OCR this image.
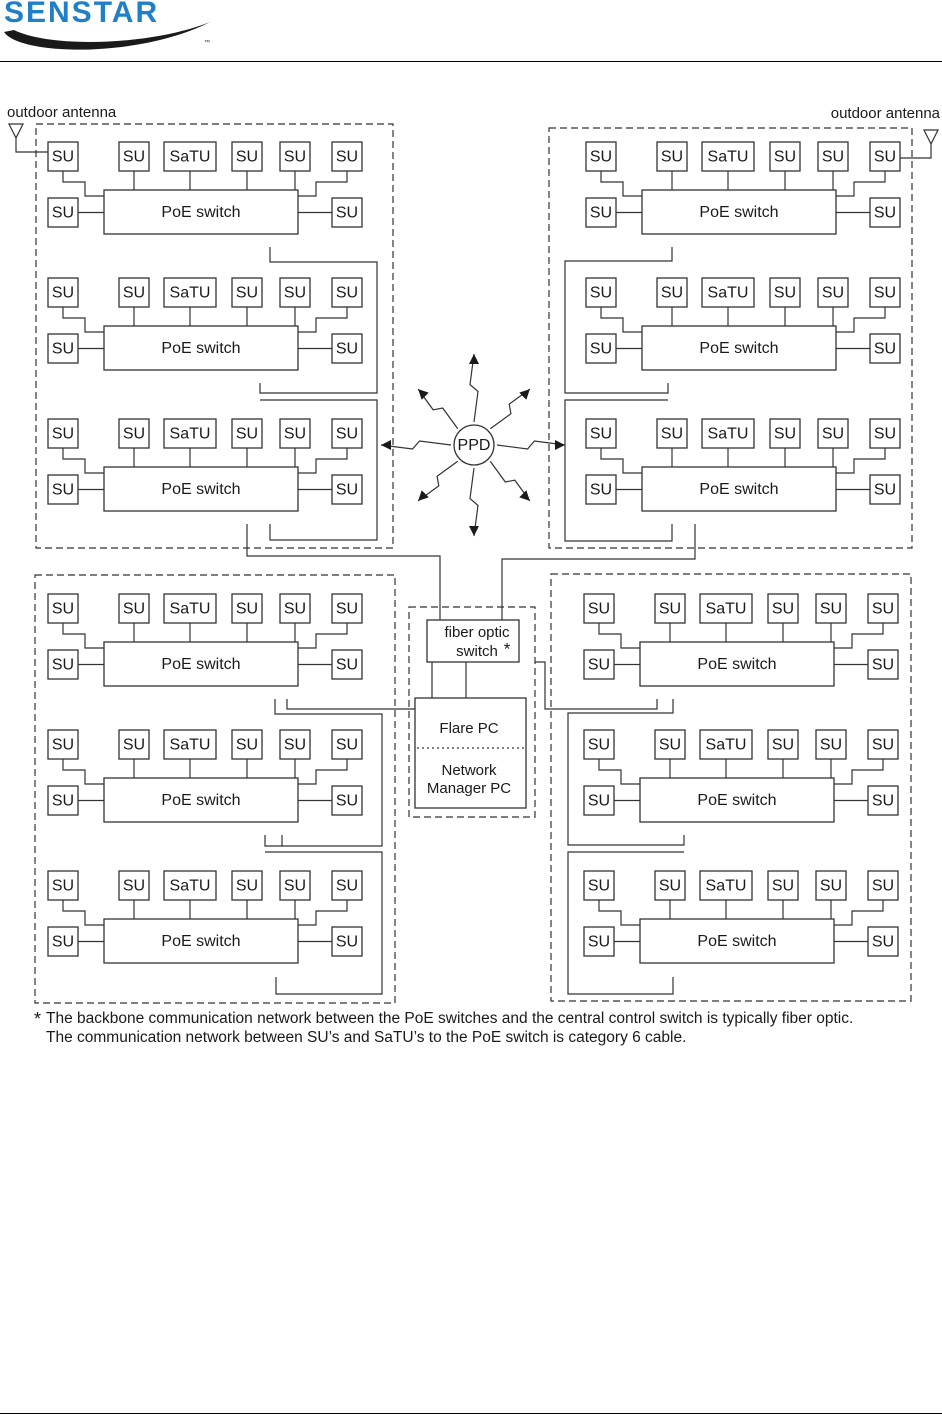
SENSTAR
™
SU	SU SaTU SU SU SU
SU	SU
PoE switch
SU	SU SaTU SU SU SU
SU	SU
PoE switch
SU	SU SaTU SU SU SU
SU	SU
PoE switch
SU	SU SaTU SU SU SU
SU	SU
PoE switch
SU	SU SaTU SU SU SU
SU	SU
PoE switch
SU	SU SaTU SU SU SU
SU	SU
PoE switch
SU	SU SaTU SU SU SU
SU	SU
PoE switch
SU	SU SaTU SU SU SU
SU	SU
PoE switch
SU	SU SaTU SU SU SU
SU	SU
PoE switch
SU	SU SaTU SU SU SU
SU	SU
PoE switch
SU	SU SaTU SU SU SU
SU	SU
PoE switch
SU	SU SaTU SU SU SU
SU	SU
PoE switch
outdoor antenna	outdoor antenna
fiber optic
switch *
Flare PC
Network
Manager PC
PPD
The backbone communication network between the PoE switches and the central control switch is typically fiber optic.
*
The communication network between SU’s and SaTU’s to the PoE switch is category 6 cable.
